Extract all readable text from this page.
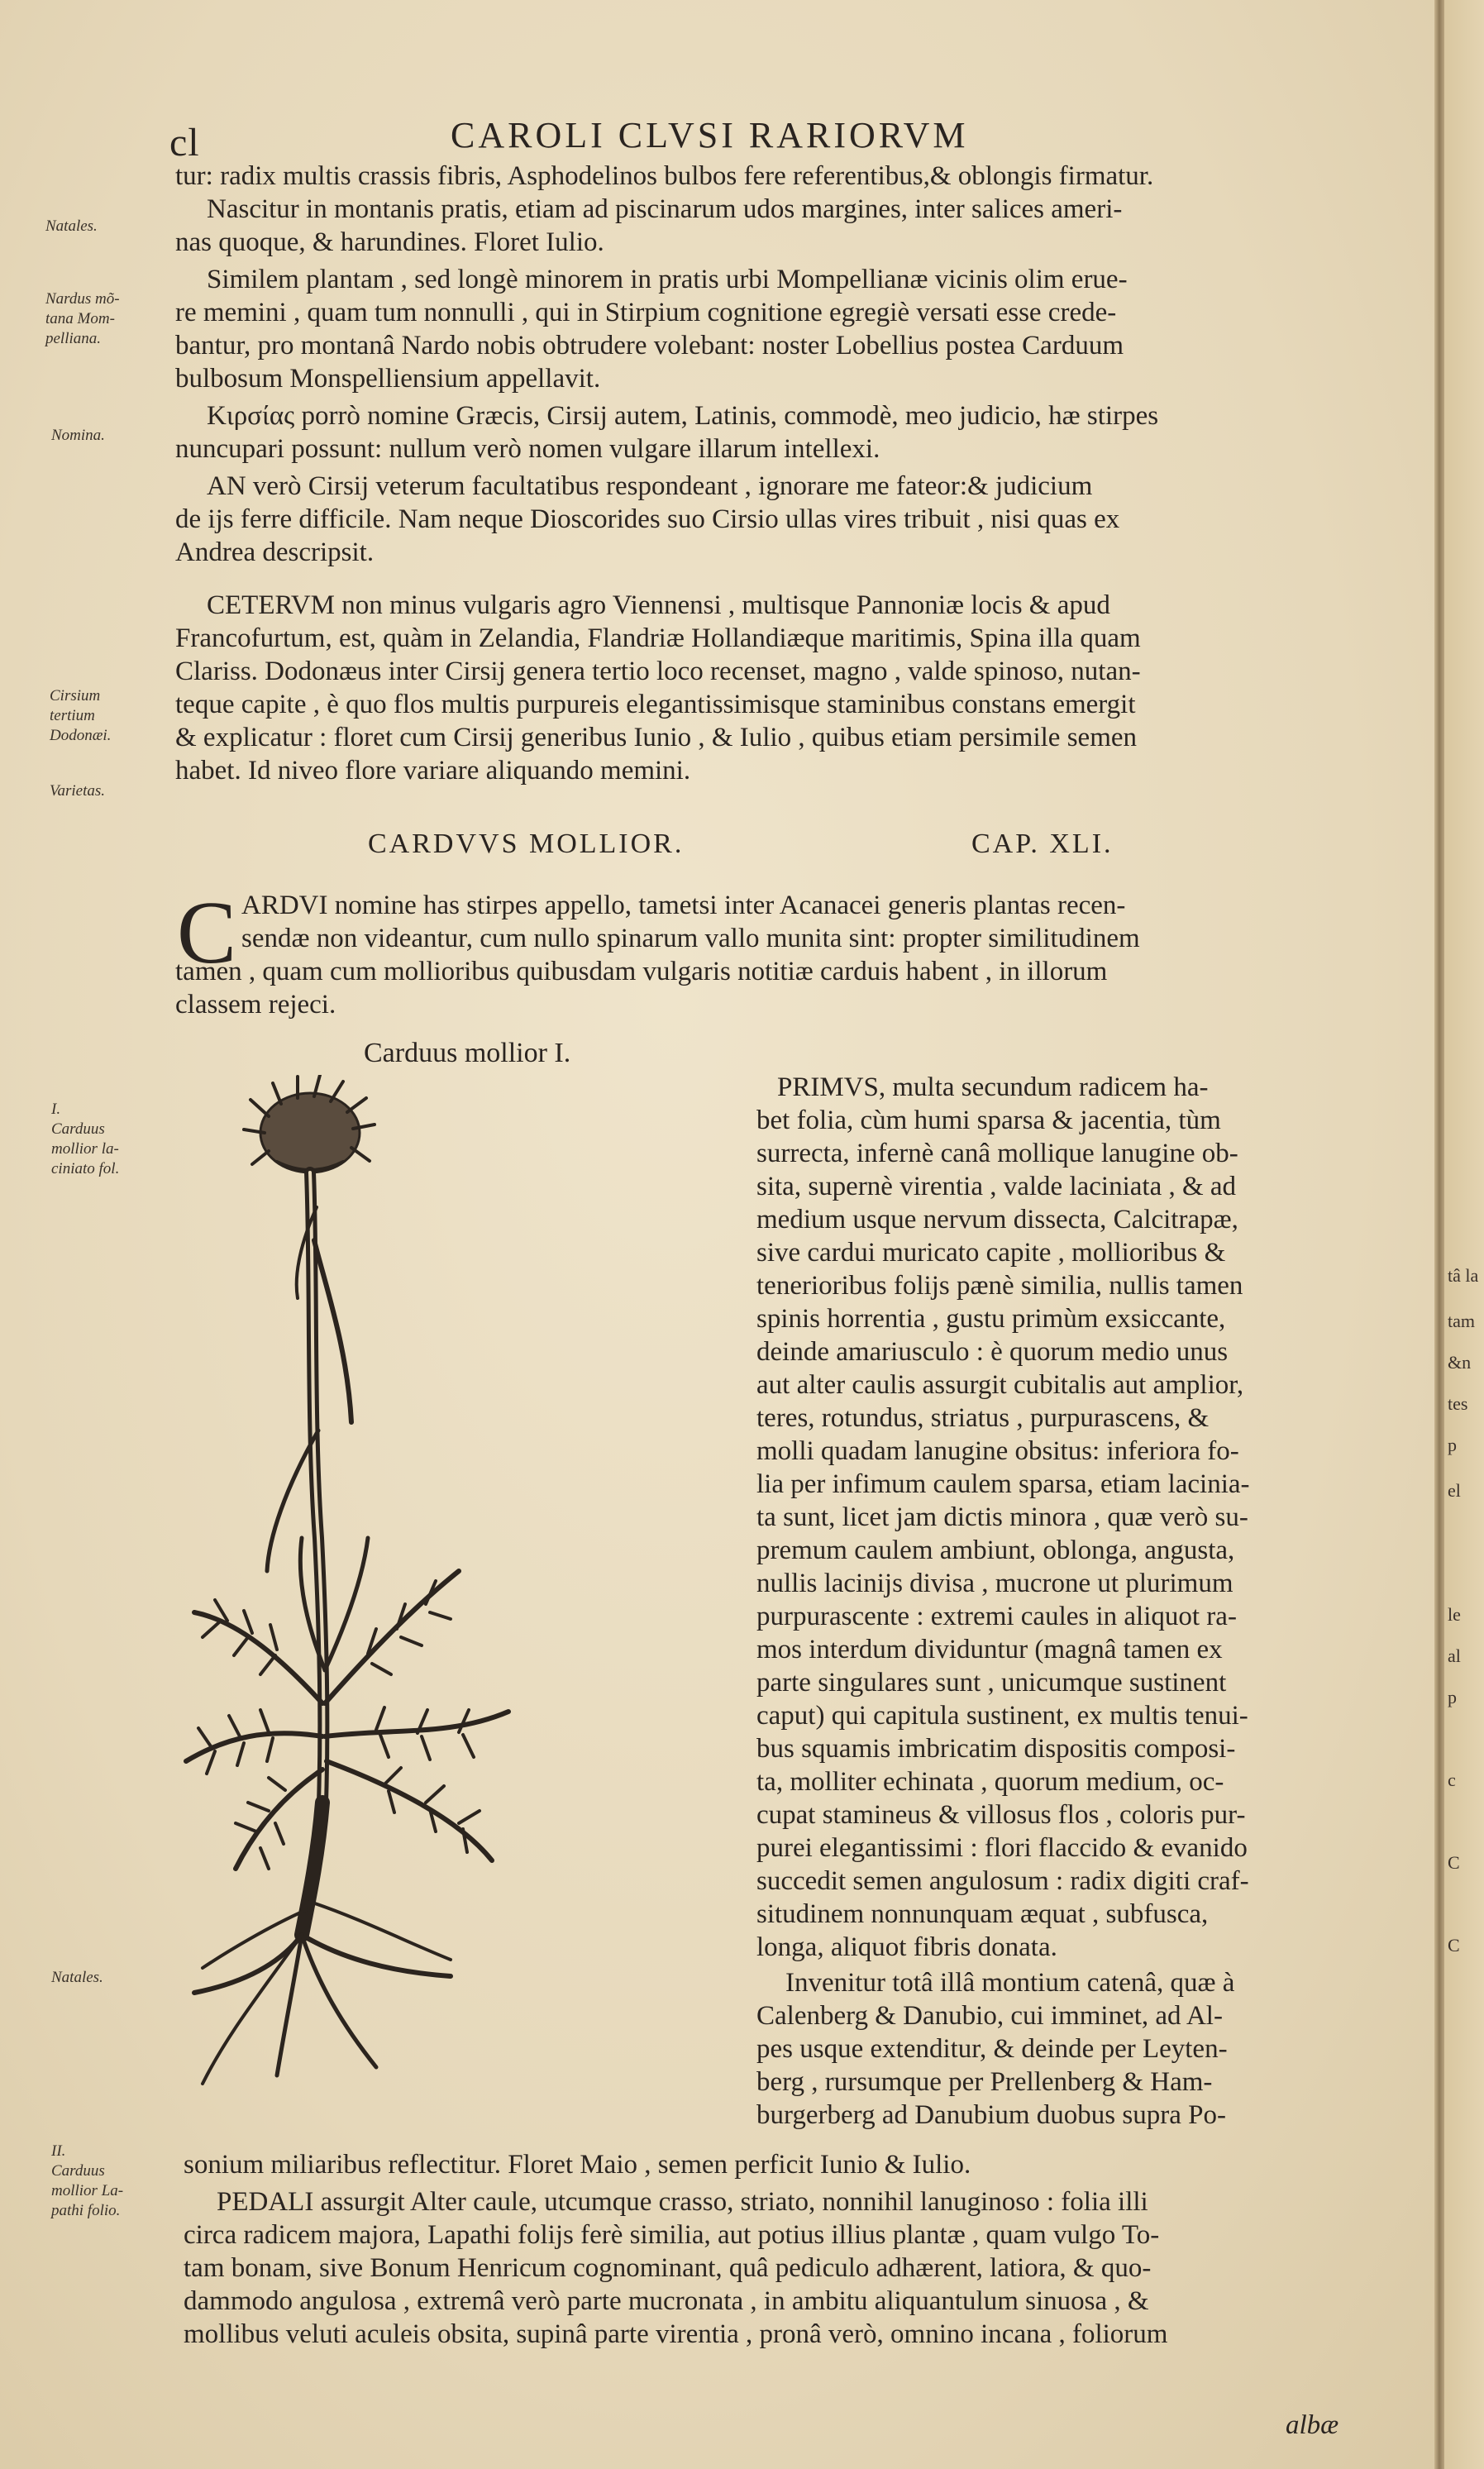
tâ la
tam
&n
tes
p
el
le
al
p
c
C
C
cl	CAROLI CLVSI RARIORVM
Natales.
Nardus mõ-
tana Mom-
pelliana.
Nomina.
Cirsium
tertium
Dodonæi.
Varietas.
I.
Carduus
mollior la-
ciniato fol.
Natales.
II.
Carduus
mollior La-
pathi folio.
tur: radix multis crassis fibris, Asphodelinos bulbos fere referentibus,& oblongis firmatur.
Nascitur in montanis pratis, etiam ad piscinarum udos margines, inter salices ameri-
nas quoque, & harundines. Floret Iulio.
Similem plantam , sed longè minorem in pratis urbi Mompellianæ vicinis olim erue-
re memini , quam tum nonnulli , qui in Stirpium cognitione egregiè versati esse crede-
bantur, pro montanâ Nardo nobis obtrudere volebant: noster Lobellius postea Carduum
bulbosum Monspelliensium appellavit.
Κιρσίας porrò nomine Græcis, Cirsij autem, Latinis, commodè, meo judicio, hæ stirpes
nuncupari possunt: nullum verò nomen vulgare illarum intellexi.
AN verò Cirsij veterum facultatibus respondeant , ignorare me fateor:& judicium
de ijs ferre difficile. Nam neque Dioscorides suo Cirsio ullas vires tribuit , nisi quas ex
Andrea descripsit.
CETERVM non minus vulgaris agro Viennensi , multisque Pannoniæ locis & apud
Francofurtum, est, quàm in Zelandia, Flandriæ Hollandiæque maritimis, Spina illa quam
Clariss. Dodonæus inter Cirsij genera tertio loco recenset, magno , valde spinoso, nutan-
teque capite , è quo flos multis purpureis elegantissimisque staminibus constans emergit
& explicatur : floret cum Cirsij generibus Iunio , & Iulio , quibus etiam persimile semen
habet. Id niveo flore variare aliquando memini.
CARDVVS MOLLIOR.	CAP. XLI.
C ARDVI nomine has stirpes appello, tametsi inter Acanacei generis plantas recen-
sendæ non videantur, cum nullo spinarum vallo munita sint: propter similitudinem
tamen , quam cum mollioribus quibusdam vulgaris notitiæ carduis habent , in illorum
classem rejeci.
Carduus mollior I.
PRIMVS, multa secundum radicem ha-
bet folia, cùm humi sparsa & jacentia, tùm
surrecta, infernè canâ mollique lanugine ob-
sita, supernè virentia , valde laciniata , & ad
medium usque nervum dissecta, Calcitrapæ,
sive cardui muricato capite , mollioribus &
tenerioribus folijs pænè similia, nullis tamen
spinis horrentia , gustu primùm exsiccante,
deinde amariusculo : è quorum medio unus
aut alter caulis assurgit cubitalis aut amplior,
teres, rotundus, striatus , purpurascens, &
molli quadam lanugine obsitus: inferiora fo-
lia per infimum caulem sparsa, etiam lacinia-
ta sunt, licet jam dictis minora , quæ verò su-
premum caulem ambiunt, oblonga, angusta,
nullis lacinijs divisa , mucrone ut plurimum
purpurascente : extremi caules in aliquot ra-
mos interdum dividuntur (magnâ tamen ex
parte singulares sunt , unicumque sustinent
caput) qui capitula sustinent, ex multis tenui-
bus squamis imbricatim dispositis composi-
ta, molliter echinata , quorum medium, oc-
cupat stamineus & villosus flos , coloris pur-
purei elegantissimi : flori flaccido & evanido
succedit semen angulosum : radix digiti craf-
situdinem nonnunquam æquat , subfusca,
longa, aliquot fibris donata.
Invenitur totâ illâ montium catenâ, quæ à
Calenberg & Danubio, cui imminet, ad Al-
pes usque extenditur, & deinde per Leyten-
berg , rursumque per Prellenberg & Ham-
burgerberg ad Danubium duobus supra Po-
sonium miliaribus reflectitur. Floret Maio , semen perficit Iunio & Iulio.
PEDALI assurgit Alter caule, utcumque crasso, striato, nonnihil lanuginoso : folia illi
circa radicem majora, Lapathi folijs ferè similia, aut potius illius plantæ , quam vulgo To-
tam bonam, sive Bonum Henricum cognominant, quâ pediculo adhærent, latiora, & quo-
dammodo angulosa , extremâ verò parte mucronata , in ambitu aliquantulum sinuosa , &
mollibus veluti aculeis obsita, supinâ parte virentia , pronâ verò, omnino incana , foliorum
albæ
